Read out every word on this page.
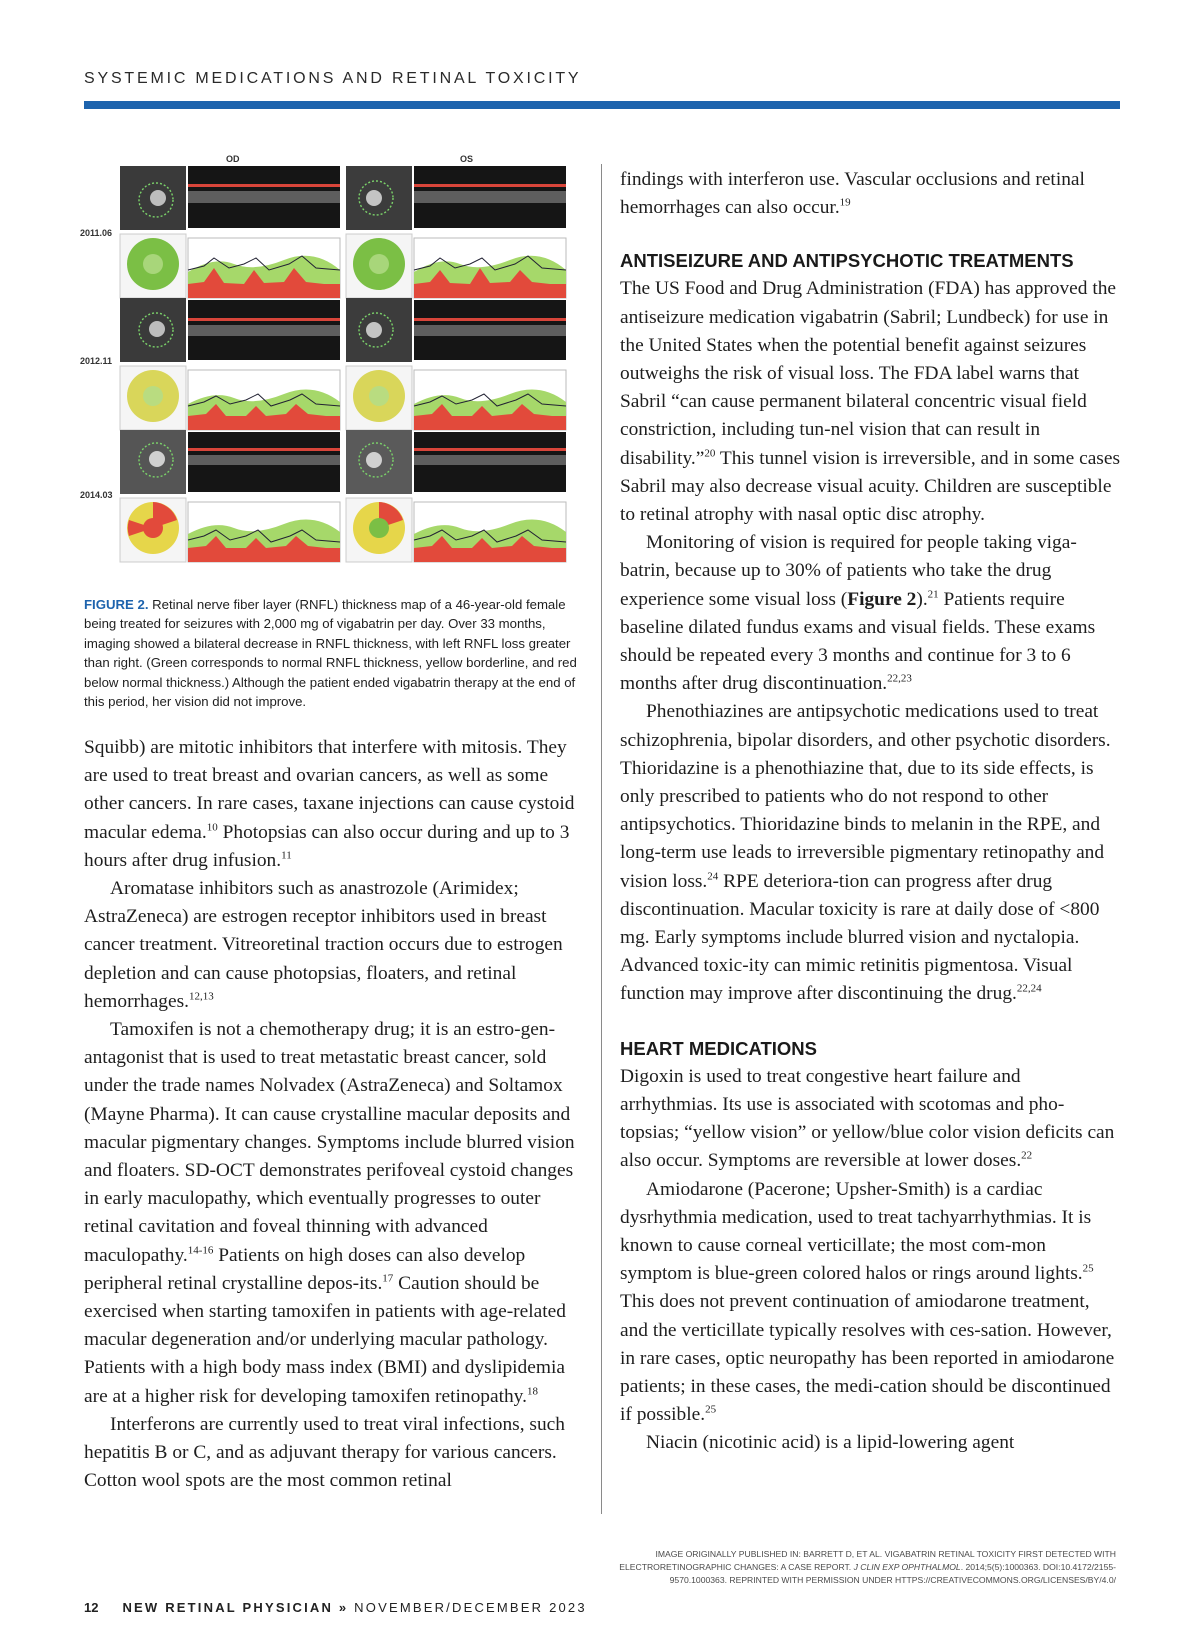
SYSTEMIC MEDICATIONS AND RETINAL TOXICITY
OD	OS
2011.06
2012.11
2014.03
FIGURE 2. Retinal nerve fiber layer (RNFL) thickness map of a 46-year-old female being treated for seizures with 2,000 mg of vigabatrin per day. Over 33 months, imaging showed a bilateral decrease in RNFL thickness, with left RNFL loss greater than right. (Green corresponds to normal RNFL thickness, yellow borderline, and red below normal thickness.) Although the patient ended vigabatrin therapy at the end of this period, her vision did not improve.

Squibb) are mitotic inhibitors that interfere with mitosis. They are used to treat breast and ovarian cancers, as well as some other cancers. In rare cases, taxane injections can cause cystoid macular edema.$^{10}$ Photopsias can also occur during and up to 3 hours after drug infusion.$^{11}$

Aromatase inhibitors such as anastrozole (Arimidex; AstraZeneca) are estrogen receptor inhibitors used in breast cancer treatment. Vitreoretinal traction occurs due to estrogen depletion and can cause photopsias, floaters, and retinal hemorrhages.$^{12,13}$

Tamoxifen is not a chemotherapy drug; it is an estro-gen-antagonist that is used to treat metastatic breast cancer, sold under the trade names Nolvadex (AstraZeneca) and Soltamox (Mayne Pharma). It can cause crystalline macular deposits and macular pigmentary changes. Symptoms include blurred vision and floaters. SD-OCT demonstrates perifoveal cystoid changes in early maculopathy, which eventually progresses to outer retinal cavitation and foveal thinning with advanced maculopathy.$^{14-16}$ Patients on high doses can also develop peripheral retinal crystalline depos-its.$^{17}$ Caution should be exercised when starting tamoxifen in patients with age-related macular degeneration and/or underlying macular pathology. Patients with a high body mass index (BMI) and dyslipidemia are at a higher risk for developing tamoxifen retinopathy.$^{18}$

Interferons are currently used to treat viral infections, such hepatitis B or C, and as adjuvant therapy for various cancers. Cotton wool spots are the most common retinal

findings with interferon use. Vascular occlusions and retinal hemorrhages can also occur.$^{19}$

ANTISEIZURE AND ANTIPSYCHOTIC TREATMENTS

The US Food and Drug Administration (FDA) has approved the antiseizure medication vigabatrin (Sabril; Lundbeck) for use in the United States when the potential benefit against seizures outweighs the risk of visual loss. The FDA label warns that Sabril “can cause permanent bilateral concentric visual field constriction, including tun-nel vision that can result in disability.”$^{20}$ This tunnel vision is irreversible, and in some cases Sabril may also decrease visual acuity. Children are susceptible to retinal atrophy with nasal optic disc atrophy.

Monitoring of vision is required for people taking viga-batrin, because up to 30% of patients who take the drug experience some visual loss (Figure 2).$^{21}$ Patients require baseline dilated fundus exams and visual fields. These exams should be repeated every 3 months and continue for 3 to 6 months after drug discontinuation.$^{22,23}$

Phenothiazines are antipsychotic medications used to treat schizophrenia, bipolar disorders, and other psychotic disorders. Thioridazine is a phenothiazine that, due to its side effects, is only prescribed to patients who do not respond to other antipsychotics. Thioridazine binds to melanin in the RPE, and long-term use leads to irreversible pigmentary retinopathy and vision loss.$^{24}$ RPE deteriora-tion can progress after drug discontinuation. Macular toxicity is rare at daily dose of <800 mg. Early symptoms include blurred vision and nyctalopia. Advanced toxic-ity can mimic retinitis pigmentosa. Visual function may improve after discontinuing the drug.$^{22,24}$

HEART MEDICATIONS

Digoxin is used to treat congestive heart failure and arrhythmias. Its use is associated with scotomas and pho-topsias; “yellow vision” or yellow/blue color vision deficits can also occur. Symptoms are reversible at lower doses.$^{22}$

Amiodarone (Pacerone; Upsher-Smith) is a cardiac dysrhythmia medication, used to treat tachyarrhythmias. It is known to cause corneal verticillate; the most com-mon symptom is blue-green colored halos or rings around lights.$^{25}$ This does not prevent continuation of amiodarone treatment, and the verticillate typically resolves with ces-sation. However, in rare cases, optic neuropathy has been reported in amiodarone patients; in these cases, the medi-cation should be discontinued if possible.$^{25}$

Niacin (nicotinic acid) is a lipid-lowering agent

IMAGE ORIGINALLY PUBLISHED IN: BARRETT D, ET AL. VIGABATRIN RETINAL TOXICITY FIRST DETECTED WITH
ELECTRORETINOGRAPHIC CHANGES: A CASE REPORT. J CLIN EXP OPHTHALMOL. 2014;5(5):1000363. DOI:10.4172/2155-
9570.1000363. REPRINTED WITH PERMISSION UNDER HTTPS://CREATIVECOMMONS.ORG/LICENSES/BY/4.0/
12 NEW RETINAL PHYSICIAN » NOVEMBER/DECEMBER 2023
